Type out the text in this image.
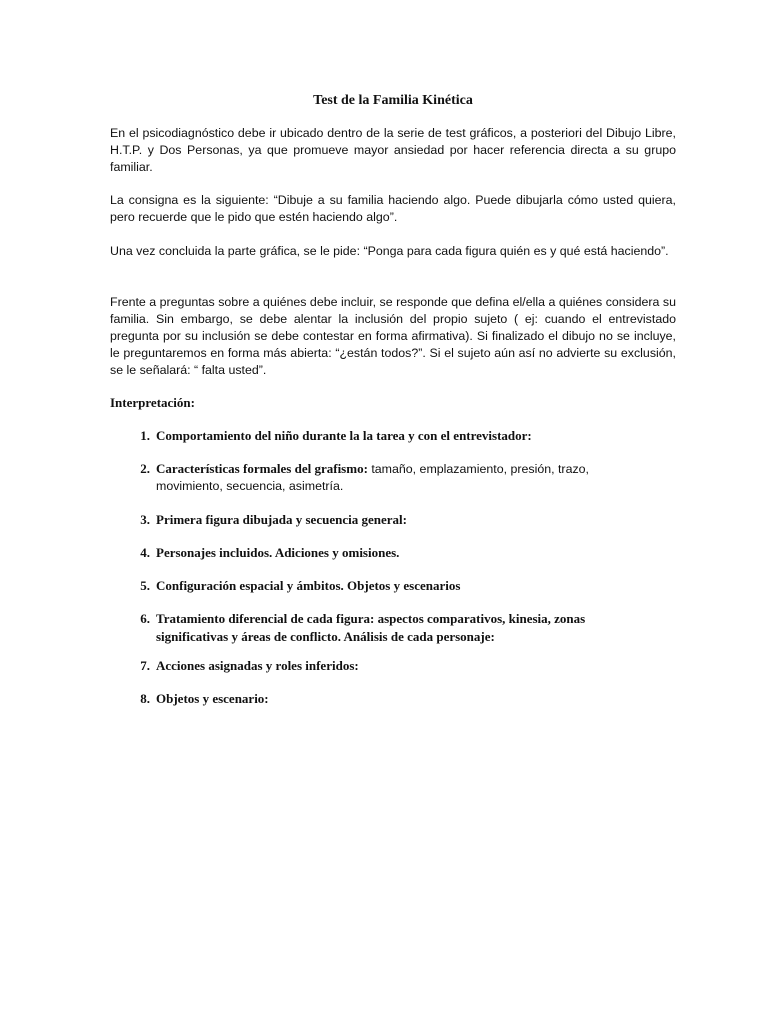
Test de la Familia Kinética

En el psicodiagnóstico debe ir ubicado dentro de la serie de test gráficos, a posteriori del Dibujo Libre, H.T.P. y Dos Personas, ya que promueve mayor ansiedad por hacer referencia directa a su grupo familiar.

La consigna es la siguiente: “Dibuje a su familia haciendo algo. Puede dibujarla cómo usted quiera, pero recuerde que le pido que estén haciendo algo”.

Una vez concluida la parte gráfica, se le pide: “Ponga para cada figura quién es y qué está haciendo”.

Frente a preguntas sobre a quiénes debe incluir, se responde que defina el/ella a quiénes considera su familia. Sin embargo, se debe alentar la inclusión del propio sujeto ( ej: cuando el entrevistado pregunta por su inclusión se debe contestar en forma afirmativa). Si finalizado el dibujo no se incluye, le preguntaremos en forma más abierta: “¿están todos?”. Si el sujeto aún así no advierte su exclusión, se le señalará: “ falta usted”.

Interpretación:
1. Comportamiento del niño durante la la tarea y con el entrevistador:
2. Características formales del grafismo: tamaño, emplazamiento, presión, trazo, movimiento, secuencia, asimetría.
3. Primera figura dibujada y secuencia general:
4. Personajes incluidos. Adiciones y omisiones.
5. Configuración espacial y ámbitos. Objetos y escenarios
6. Tratamiento diferencial de cada figura: aspectos comparativos, kinesia, zonas significativas y áreas de conflicto. Análisis de cada personaje:
7. Acciones asignadas y roles inferidos:
8. Objetos y escenario:
